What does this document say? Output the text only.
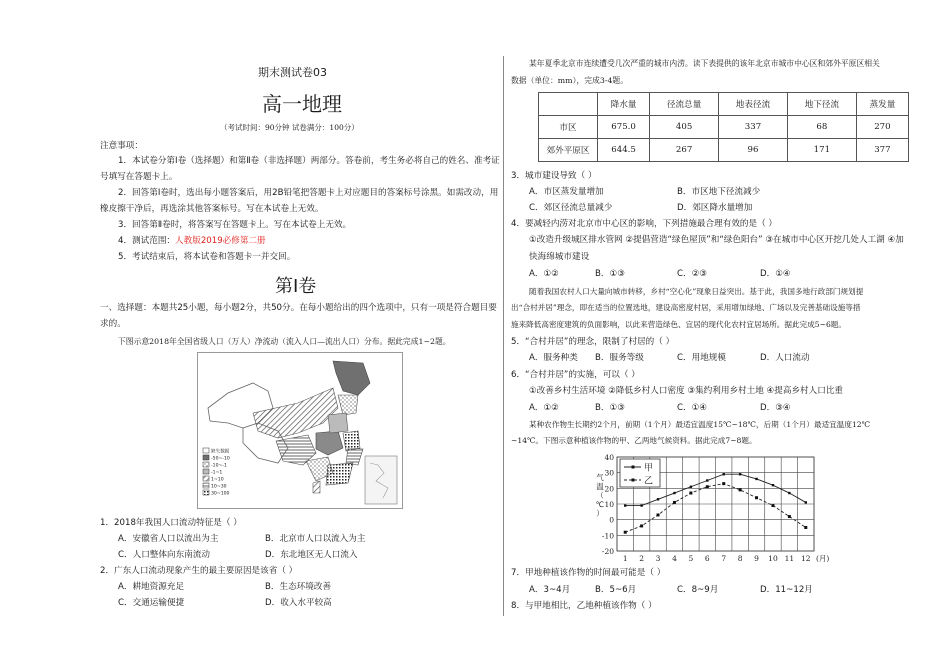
期末测试卷03
高一地理
（考试时间：90分钟 试卷满分：100分）
注意事项：
1．本试卷分第Ⅰ卷（选择题）和第Ⅱ卷（非选择题）两部分。答卷前，考生务必将自己的姓名、准考证
号填写在答题卡上。
2．回答第Ⅰ卷时，选出每小题答案后，用2B铅笔把答题卡上对应题目的答案标号涂黑。如需改动，用
橡皮擦干净后，再选涂其他答案标号。写在本试卷上无效。
3．回答第Ⅱ卷时，将答案写在答题卡上。写在本试卷上无效。
4．测试范围：人教版2019必修第二册
5．考试结束后，将本试卷和答题卡一并交回。
第Ⅰ卷
一、选择题：本题共25小题，每小题2分，共50分。在每小题给出的四个选项中，只有一项是符合题目要
求的。
下图示意2018年全国省级人口（万人）净流动（流入人口—流出人口）分布。据此完成1~2题。
缺失数据
-50~-10
-10~-1
-1~1
1~10
10~30
30~100
1．2018年我国人口流动特征是（ ）
A．安徽省人口以流出为主	B．北京市人口以流入为主
C．人口整体向东南流动	D．东北地区无人口流入
2．广东人口流动现象产生的最主要原因是该省（ ）
A．耕地资源充足	B．生态环境改善
C．交通运输便捷	D．收入水平较高
某年夏季北京市连续遭受几次严重的城市内涝。读下表提供的该年北京市城市中心区和郊外平原区相关
数据（单位：mm），完成3-4题。
	降水量	径流总量	地表径流	地下径流	蒸发量
市区	675.0	405	337	68	270
郊外平原区	644.5	267	96	171	377
3．城市建设导致（ ）
A．市区蒸发量增加	B．市区地下径流减少
C．郊区径流总量减少	D．郊区降水量增加
4．要减轻内涝对北京市中心区的影响，下列措施最合理有效的是（ ）
①改造升级城区排水管网 ②提倡营造“绿色屋顶”和“绿色阳台” ③在城市中心区开挖几处人工湖 ④加
快海绵城市建设
A．①②	B．①③	C．②③	D．①④
随着我国农村人口大量向城市转移，乡村“空心化”现象日益突出。基于此，我国多地行政部门规划提
出“合村并居”理念，即在适当的位置选地，建设高密度村居，采用增加绿地、广场以及完善基础设施等措
施来降低高密度建筑的负面影响，以此来营造绿色、宜居的现代化农村宜居场所。据此完成5~6题。
5．“合村并居”的理念，限制了村居的（ ）
A．服务种类 B．服务等级	C．用地规模	D．人口流动
6．“合村并居”的实施，可以（ ）
①改善乡村生活环境 ②降低乡村人口密度 ③集约利用乡村土地 ④提高乡村人口比重
A．①②	B．①③	C．①④	D．③④
某种农作物生长期约2个月，前期（1个月）最适宜温度15℃~18℃，后期（1个月）最适宜温度12℃
~14℃。下图示意种植该作物的甲、乙两地气候资料。据此完成7~8题。
-20
-10
0
10
20
30
40
1 2 3 4 5 6 7 8 9 10 11 12 (月)
气
温
（
℃
）
甲
乙
7．甲地种植该作物的时间最可能是（ ）
A．3~4月	B．5~6月	C．8~9月	D．11~12月
8．与甲地相比，乙地种植该作物（ ）
